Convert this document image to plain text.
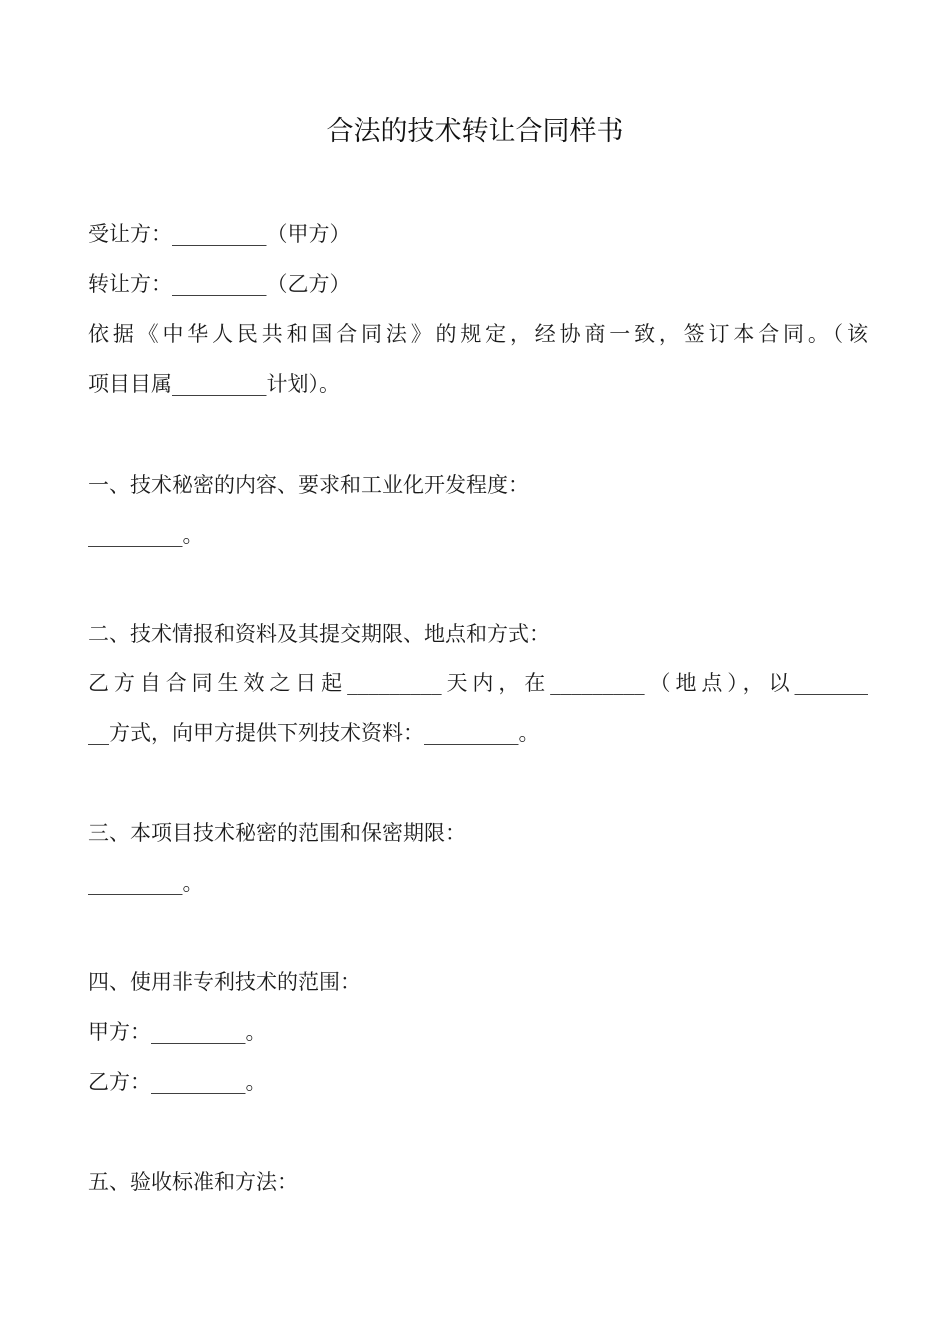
合法的技术转让合同样书
受让方：_________（甲方）
转让方：_________（乙方）
依据《中华人民共和国合同法》的规定，经协商一致，签订本合同。（该
项目目属_________计划）。
一、技术秘密的内容、要求和工业化开发程度：
_________。
二、技术情报和资料及其提交期限、地点和方式：
乙方自合同生效之日起_________天内，在_________（地点），以_______
__方式，向甲方提供下列技术资料：_________。
三、本项目技术秘密的范围和保密期限：
_________。
四、使用非专利技术的范围：
甲方：_________。
乙方：_________。
五、验收标准和方法：
